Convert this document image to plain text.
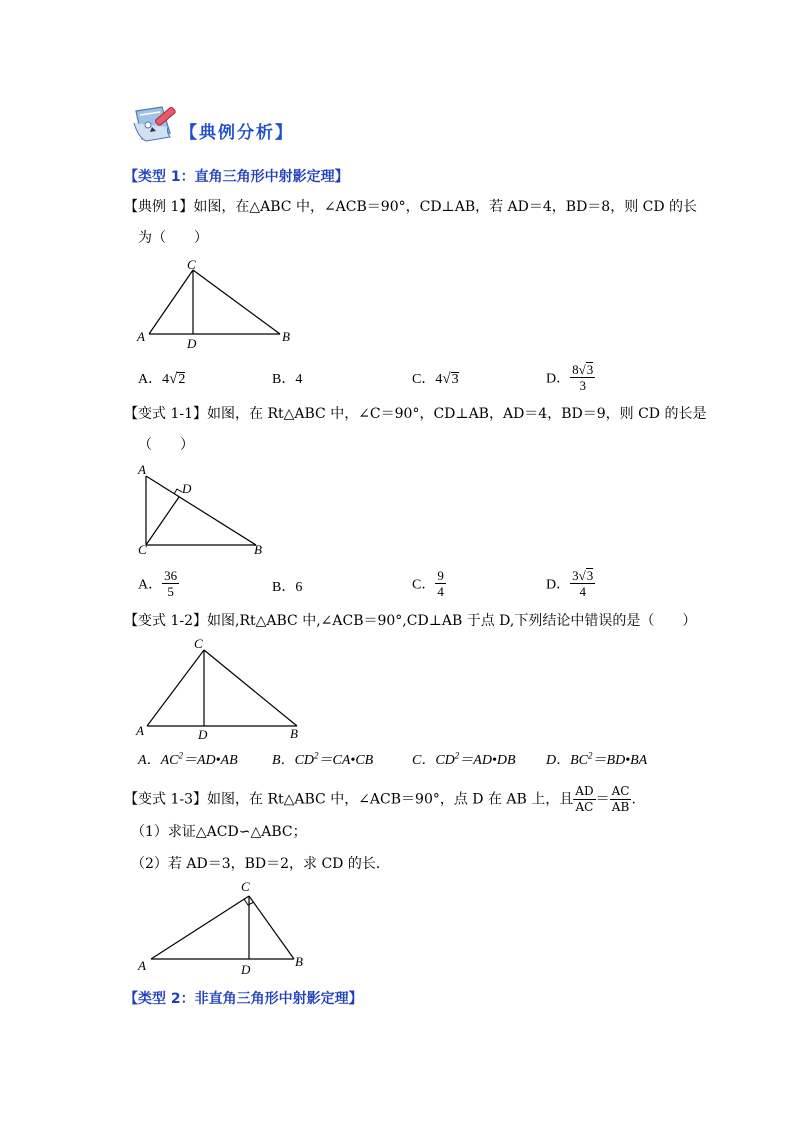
【典例分析】
【类型 1：直角三角形中射影定理】
【典例 1】如图，在△ABC 中，∠ACB＝90°，CD⊥AB，若 AD＝4，BD＝8，则 CD 的长
为（　　）
C
A	D	B
A．4√2	B．4	C．4√3	D． $\frac{8√3}{3}$
【变式 1-1】如图，在 Rt△ABC 中，∠C＝90°，CD⊥AB，AD＝4，BD＝9，则 CD 的长是
（　　）
A
D
C	B
A． $\frac{36}{5}$	B．6	C． $\frac{9}{4}$	D． $\frac{3√3}{4}$
【变式 1-2】如图,Rt△ABC 中,∠ACB＝90°,CD⊥AB 于点 D,下列结论中错误的是（　　）
C
A	D	B
A．$AC^2=AD•AB$ B．$CD^2=CA•CB$	C．$CD^2=AD•DB$ D．$BC^2=BD•BA$
【变式 1-3】如图，在 Rt△ABC 中，∠ACB＝90°，点 D 在 AB 上，且 $\frac{AD}{AC} = \frac{AC}{AB}$ .
（1）求证△ACD∽△ABC；
（2）若 AD＝3，BD＝2，求 CD 的长．
C
A	D
B
【类型 2：非直角三角形中射影定理】
